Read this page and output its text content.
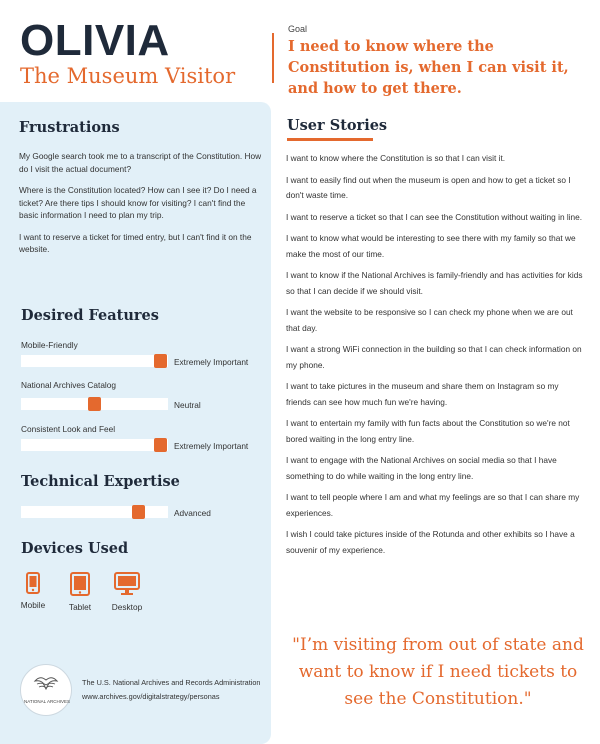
OLIVIA
The Museum Visitor
Goal
I need to know where the Constitution is, when I can visit it, and how to get there.
Frustrations

My Google search took me to a transcript of the Constitution. How do I visit the actual document?

Where is the Constitution located? How can I see it? Do I need a ticket? Are there tips I should know for visiting? I can't find the basic information I need to plan my trip.

I want to reserve a ticket for timed entry, but I can't find it on the website.

Desired Features
Mobile-Friendly
Extremely Important
National Archives Catalog
Neutral
Consistent Look and Feel
Extremely Important
Technical Expertise
Advanced
Devices Used
Mobile	Tablet	Desktop
NATIONAL ARCHIVES
The U.S. National Archives and Records Administration
www.archives.gov/digitalstrategy/personas
User Stories

I want to know where the Constitution is so that I can visit it.

I want to easily find out when the museum is open and how to get a ticket so I don't waste time.

I want to reserve a ticket so that I can see the Constitution without waiting in line.

I want to know what would be interesting to see there with my family so that we make the most of our time.

I want to know if the National Archives is family-friendly and has activities for kids so that I can decide if we should visit.

I want the website to be responsive so I can check my phone when we are out that day.

I want a strong WiFi connection in the building so that I can check information on my phone.

I want to take pictures in the museum and share them on Instagram so my friends can see how much fun we're having.

I want to entertain my family with fun facts about the Constitution so we're not bored waiting in the long entry line.

I want to engage with the National Archives on social media so that I have something to do while waiting in the long entry line.

I want to tell people where I am and what my feelings are so that I can share my experiences.

I wish I could take pictures inside of the Rotunda and other exhibits so I have a souvenir of my experience.

"I’m visiting from out of state and want to know if I need tickets to see the Constitution."
